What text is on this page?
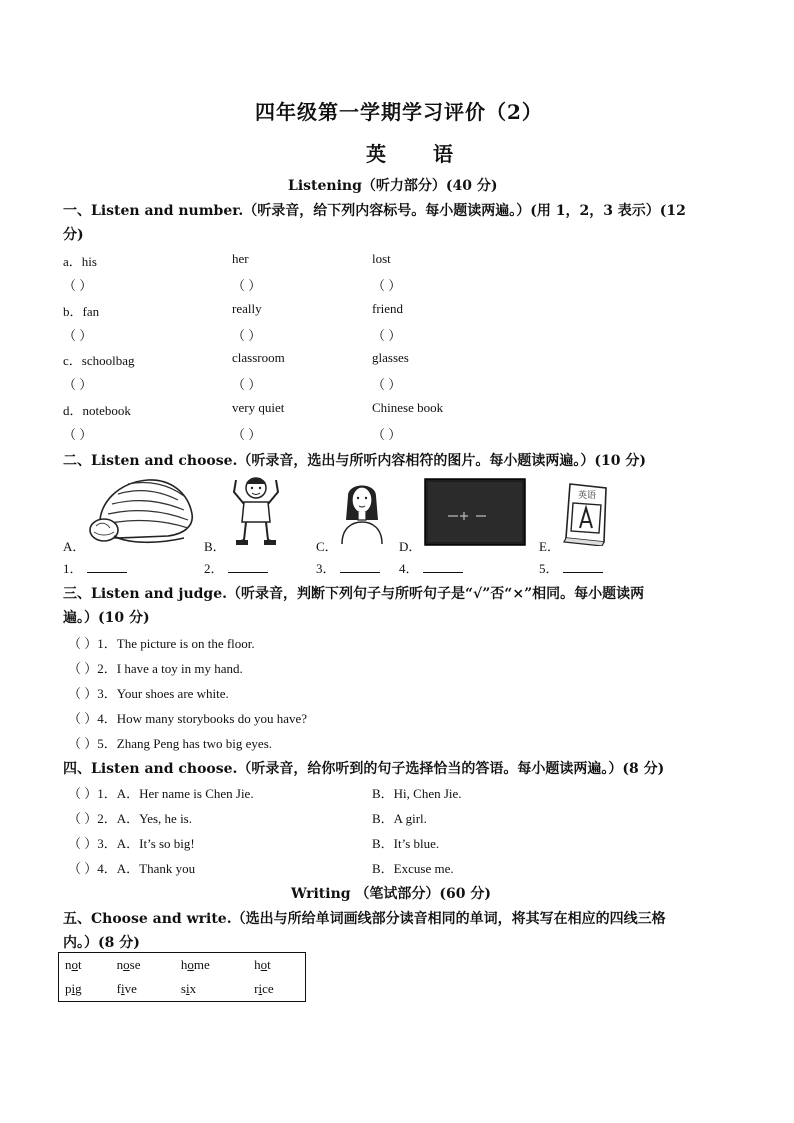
四年级第一学期学习评价（2）
英 语
Listening（听力部分）(40 分)
一、Listen and number.（听录音，给下列内容标号。每小题读两遍。）(用 1，2，3 表示）(12
分)
a．his	her	lost
（ ）	（ ）	（ ）
b．fan	really	friend
（ ）	（ ）	（ ）
c．schoolbag	classroom	glasses
（ ）	（ ）	（ ）
d．notebook	very quiet	Chinese book
（ ）	（ ）	（ ）
二、Listen and choose.（听录音，选出与所听内容相符的图片。每小题读两遍。）(10 分)
A．	B．	C．	D．
英语
E．
1．	2．	3．	4．	5．
三、Listen and judge.（听录音，判断下列句子与所听句子是“√”否“×”相同。每小题读两
遍。）(10 分)
（ ）1．The picture is on the floor.
（ ）2．I have a toy in my hand.
（ ）3．Your shoes are white.
（ ）4．How many storybooks do you have?
（ ）5．Zhang Peng has two big eyes.
四、Listen and choose.（听录音，给你听到的句子选择恰当的答语。每小题读两遍。）(8 分)
（ ）1．A．Her name is Chen Jie.	B．Hi, Chen Jie.
（ ）2．A．Yes, he is.	B．A girl.
（ ）3．A．It’s so big!	B．It’s blue.
（ ）4．A．Thank you	B．Excuse me.
Writing （笔试部分）(60 分)
五、Choose and write.（选出与所给单词画线部分读音相同的单词，将其写在相应的四线三格
内。）(8 分)
not	nose	home	hot
pig	five	six	rice
